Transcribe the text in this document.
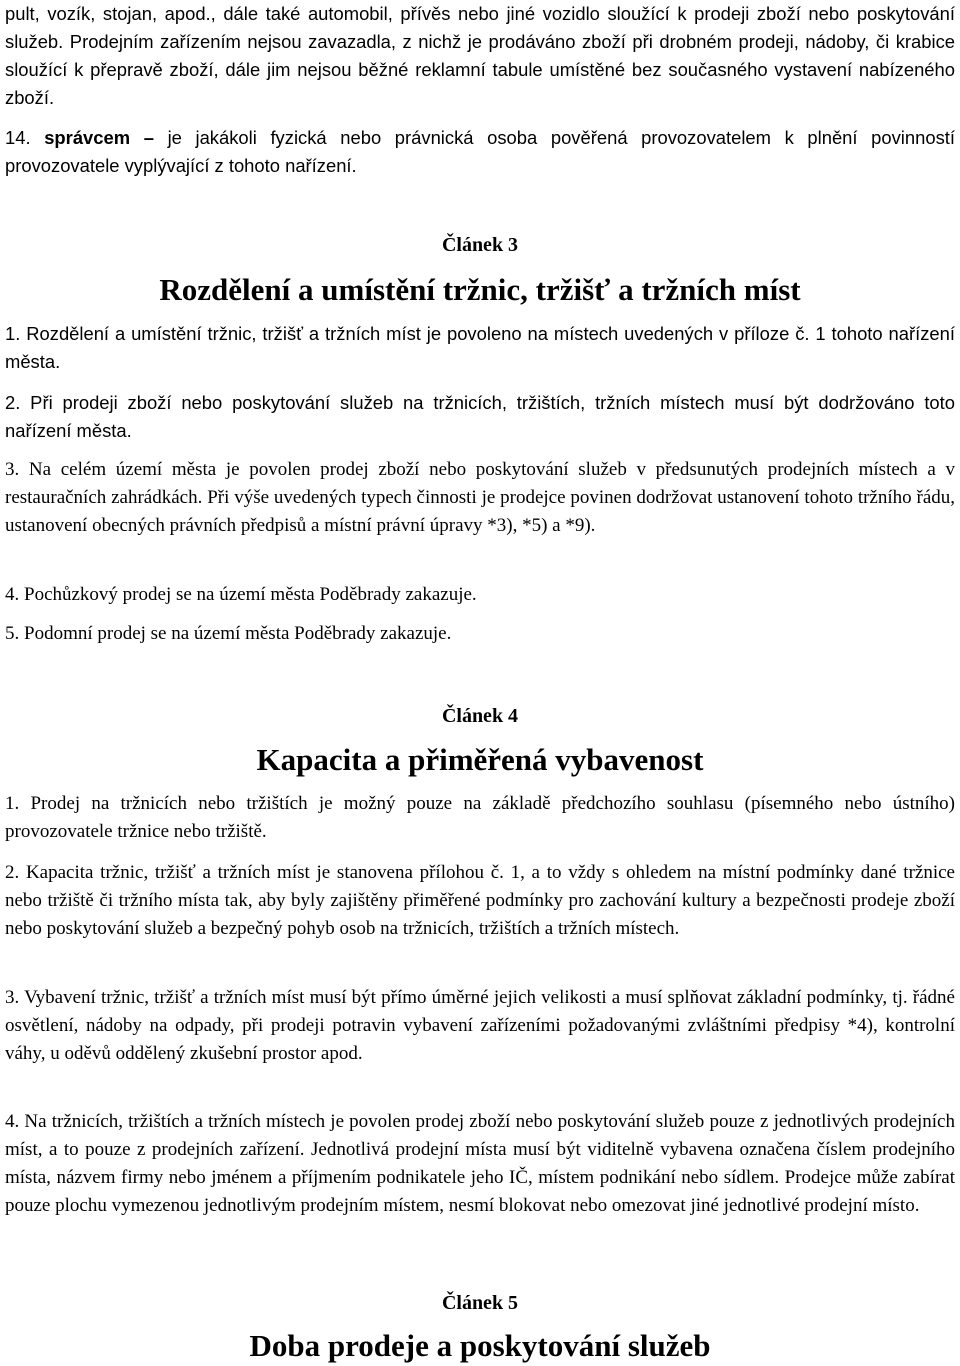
pult, vozík, stojan, apod., dále také automobil, přívěs nebo jiné vozidlo sloužící k prodeji zboží nebo poskytování služeb. Prodejním zařízením nejsou zavazadla, z nichž je prodáváno zboží při drobném prodeji, nádoby, či krabice sloužící k přepravě zboží, dále jim nejsou běžné reklamní tabule umístěné bez současného vystavení nabízeného zboží.

14. správcem – je jakákoli fyzická nebo právnická osoba pověřená provozovatelem k plnění povinností provozovatele vyplývající z tohoto nařízení.

Článek 3

Rozdělení a umístění tržnic, tržišť a tržních míst

1. Rozdělení a umístění tržnic, tržišť a tržních míst je povoleno na místech uvedených v příloze č. 1 tohoto nařízení města.

2. Při prodeji zboží nebo poskytování služeb na tržnicích, tržištích, tržních místech musí být dodržováno toto nařízení města.

3. Na celém území města je povolen prodej zboží nebo poskytování služeb v předsunutých prodejních místech a v restauračních zahrádkách. Při výše uvedených typech činnosti je prodejce povinen dodržovat ustanovení tohoto tržního řádu, ustanovení obecných právních předpisů a místní právní úpravy *3), *5) a *9).

4. Pochůzkový prodej se na území města Poděbrady zakazuje.

5. Podomní prodej se na území města Poděbrady zakazuje.

Článek 4

Kapacita a přiměřená vybavenost

1. Prodej na tržnicích nebo tržištích je možný pouze na základě předchozího souhlasu (písemného nebo ústního) provozovatele tržnice nebo tržiště.

2. Kapacita tržnic, tržišť a tržních míst je stanovena přílohou č. 1, a to vždy s ohledem na místní podmínky dané tržnice nebo tržiště či tržního místa tak, aby byly zajištěny přiměřené podmínky pro zachování kultury a bezpečnosti prodeje zboží nebo poskytování služeb a bezpečný pohyb osob na tržnicích, tržištích a tržních místech.

3. Vybavení tržnic, tržišť a tržních míst musí být přímo úměrné jejich velikosti a musí splňovat základní podmínky, tj. řádné osvětlení, nádoby na odpady, při prodeji potravin vybavení zařízeními požadovanými zvláštními předpisy *4), kontrolní váhy, u oděvů oddělený zkušební prostor apod.

4. Na tržnicích, tržištích a tržních místech je povolen prodej zboží nebo poskytování služeb pouze z jednotlivých prodejních míst, a to pouze z prodejních zařízení. Jednotlivá prodejní místa musí být viditelně vybavena označena číslem prodejního místa, názvem firmy nebo jménem a příjmením podnikatele jeho IČ, místem podnikání nebo sídlem. Prodejce může zabírat pouze plochu vymezenou jednotlivým prodejním místem, nesmí blokovat nebo omezovat jiné jednotlivé prodejní místo.

Článek 5

Doba prodeje a poskytování služeb
